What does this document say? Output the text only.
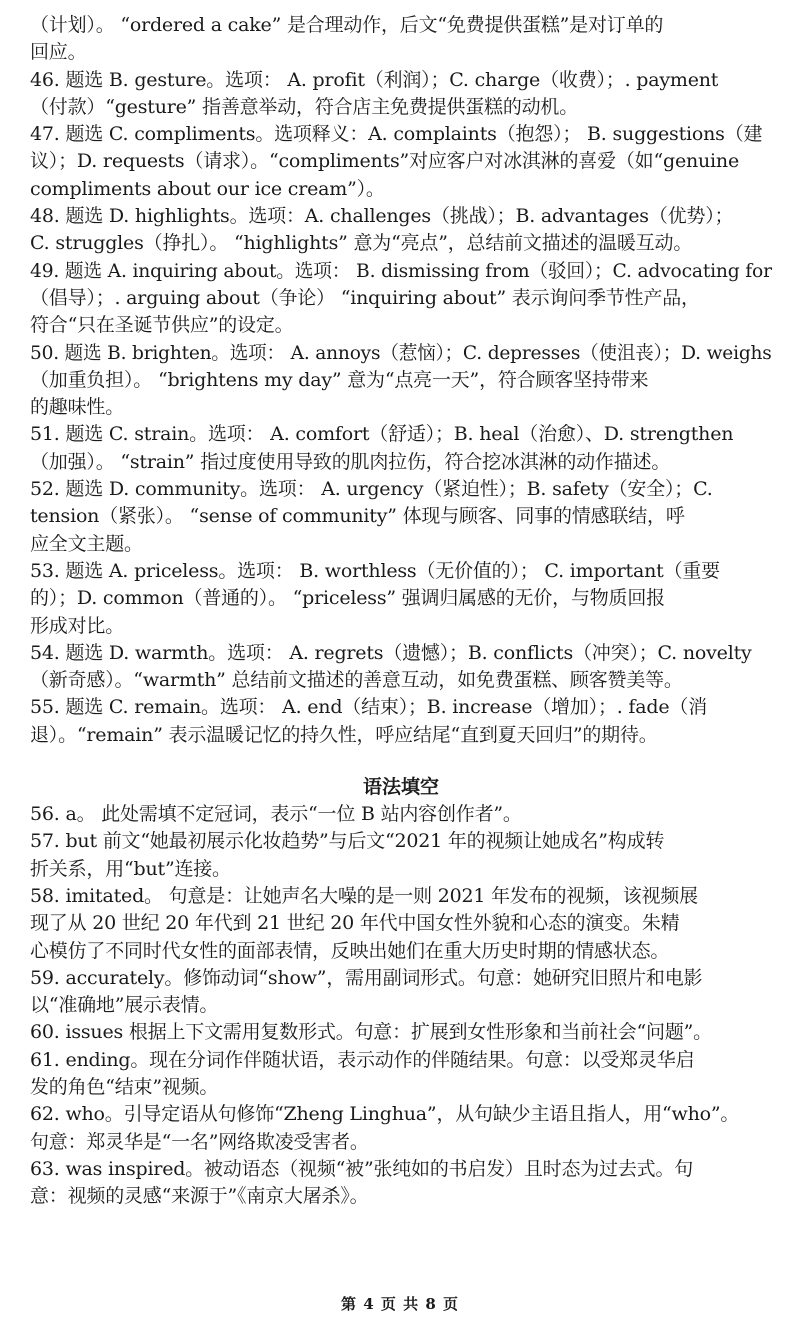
（计划）。 “ordered a cake” 是合理动作，后文“免费提供蛋糕”是对订单的
回应。
46. 题选 B. gesture。选项： A. profit（利润）；C. charge（收费）；. payment
（付款）“gesture” 指善意举动，符合店主免费提供蛋糕的动机。
47. 题选 C. compliments。选项释义：A. complaints（抱怨）； B. suggestions（建
议）；D. requests（请求）。“compliments”对应客户对冰淇淋的喜爱（如“genuine
compliments about our ice cream”）。
48. 题选 D. highlights。选项：A. challenges（挑战）；B. advantages（优势）；
C. struggles（挣扎）。 “highlights” 意为“亮点”，总结前文描述的温暖互动。
49. 题选 A. inquiring about。选项： B. dismissing from（驳回）；C. advocating for
（倡导）；. arguing about（争论） “inquiring about” 表示询问季节性产品，
符合“只在圣诞节供应”的设定。
50. 题选 B. brighten。选项： A. annoys（惹恼）；C. depresses（使沮丧）；D. weighs
（加重负担）。 “brightens my day” 意为“点亮一天”，符合顾客坚持带来
的趣味性。
51. 题选 C. strain。选项： A. comfort（舒适）；B. heal（治愈）、D. strengthen
（加强）。 “strain” 指过度使用导致的肌肉拉伤，符合挖冰淇淋的动作描述。
52. 题选 D. community。选项： A. urgency（紧迫性）；B. safety（安全）；C.
tension（紧张）。 “sense of community” 体现与顾客、同事的情感联结，呼
应全文主题。
53. 题选 A. priceless。选项： B. worthless（无价值的）； C. important（重要
的）；D. common（普通的）。 “priceless” 强调归属感的无价，与物质回报
形成对比。
54. 题选 D. warmth。选项： A. regrets（遗憾）；B. conflicts（冲突）；C. novelty
（新奇感）。“warmth” 总结前文描述的善意互动，如免费蛋糕、顾客赞美等。
55. 题选 C. remain。选项： A. end（结束）；B. increase（增加）；. fade（消
退）。“remain” 表示温暖记忆的持久性，呼应结尾“直到夏天回归”的期待。
语法填空
56. a。 此处需填不定冠词，表示“一位 B 站内容创作者”。
57. but 前文“她最初展示化妆趋势”与后文“2021 年的视频让她成名”构成转
折关系，用“but”连接。
58. imitated。 句意是：让她声名大噪的是一则 2021 年发布的视频，该视频展
现了从 20 世纪 20 年代到 21 世纪 20 年代中国女性外貌和心态的演变。朱精
心模仿了不同时代女性的面部表情，反映出她们在重大历史时期的情感状态。
59. accurately。修饰动词“show”，需用副词形式。句意：她研究旧照片和电影
以“准确地”展示表情。
60. issues 根据上下文需用复数形式。句意：扩展到女性形象和当前社会“问题”。
61. ending。现在分词作伴随状语，表示动作的伴随结果。句意：以受郑灵华启
发的角色“结束”视频。
62. who。引导定语从句修饰“Zheng Linghua”，从句缺少主语且指人，用“who”。
句意：郑灵华是“一名”网络欺凌受害者。
63. was inspired。被动语态（视频“被”张纯如的书启发）且时态为过去式。句
意：视频的灵感“来源于”《南京大屠杀》。
第 4 页 共 8 页
